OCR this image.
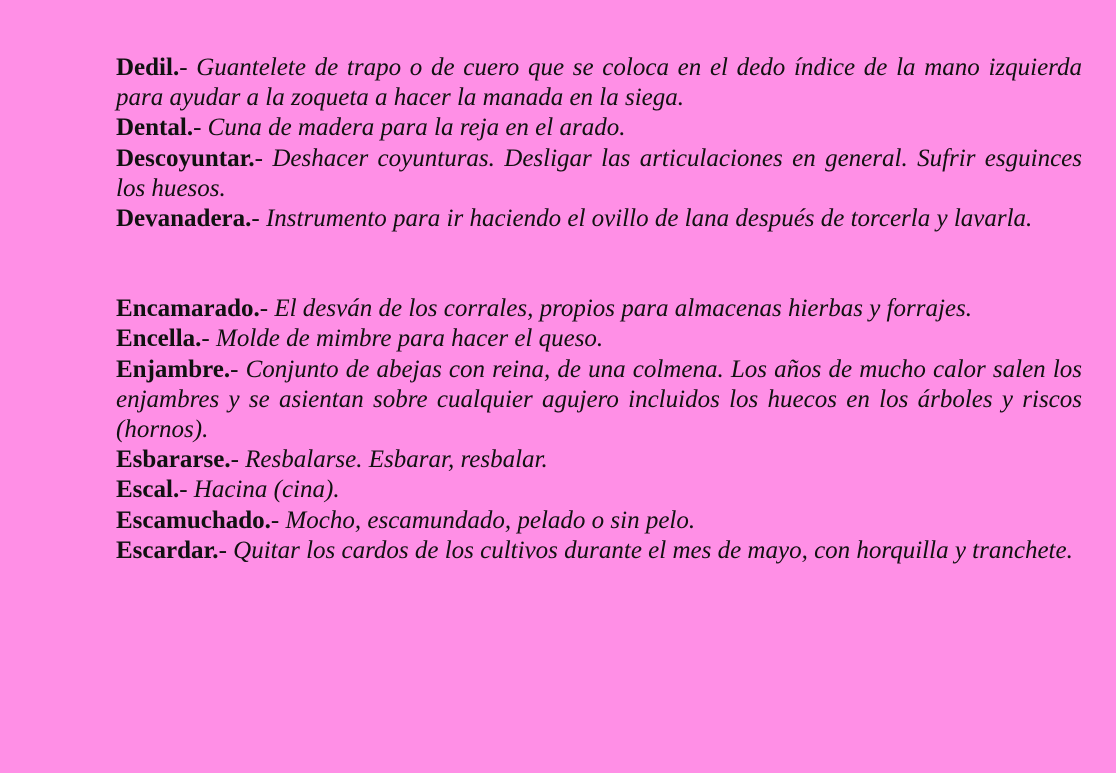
Dedil.- Guantelete de trapo o de cuero que se coloca en el dedo índice de la mano izquierda para ayudar a la zoqueta a hacer la manada en la siega.

Dental.- Cuna de madera para la reja en el arado.

Descoyuntar.- Deshacer coyunturas. Desligar las articulaciones en general. Sufrir esguinces los huesos.

Devanadera.- Instrumento para ir haciendo el ovillo de lana después de torcerla y lavarla.

Encamarado.- El desván de los corrales, propios para almacenas hierbas y forrajes.

Encella.- Molde de mimbre para hacer el queso.

Enjambre.- Conjunto de abejas con reina, de una colmena. Los años de mucho calor salen los enjambres y se asientan sobre cualquier agujero incluidos los huecos en los árboles y riscos (hornos).

Esbararse.- Resbalarse. Esbarar, resbalar.

Escal.- Hacina (cina).

Escamuchado.- Mocho, escamundado, pelado o sin pelo.

Escardar.- Quitar los cardos de los cultivos durante el mes de mayo, con horquilla y tranchete.
